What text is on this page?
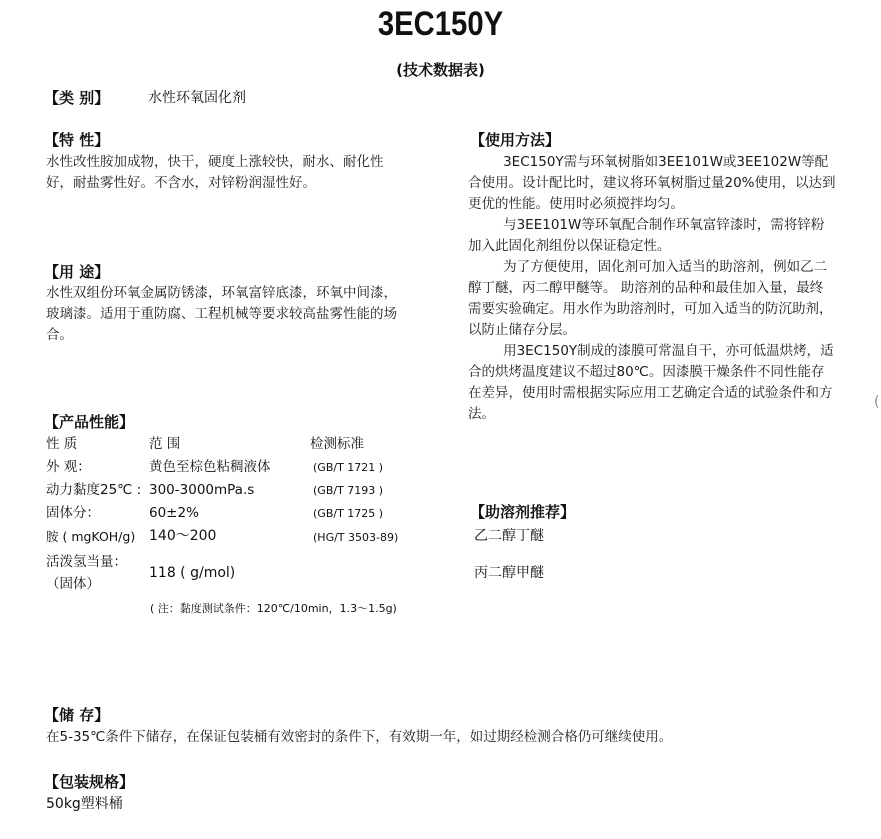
3EC150Y
(技术数据表)
【类 别】	水性环氧固化剂
【特 性】
水性改性胺加成物，快干，硬度上涨较快，耐水、耐化性好，耐盐雾性好。不含水，对锌粉润湿性好。
【用 途】
水性双组份环氧金属防锈漆，环氧富锌底漆，环氧中间漆，玻璃漆。适用于重防腐、工程机械等要求较高盐雾性能的场合。
【产品性能】
性 质	范 围	检测标准
外 观：	黄色至棕色粘稠液体	(GB/T 1721 )
动力黏度25℃ : 300-3000mPa.s	(GB/T 7193 )
固体分：	60±2%	(GB/T 1725 )
胺 ( mgKOH/g) 140～200	(HG/T 3503-89)
活泼氢当量：
（固体）
118 ( g/mol)
( 注：黏度测试条件：120℃/10min，1.3～1.5g)
【使用方法】
3EC150Y需与环氧树脂如3EE101W或3EE102W等配合使用。设计配比时，建议将环氧树脂过量20%使用，以达到更优的性能。使用时必须搅拌均匀。
与3EE101W等环氧配合制作环氧富锌漆时，需将锌粉加入此固化剂组份以保证稳定性。
为了方便使用，固化剂可加入适当的助溶剂，例如乙二醇丁醚，丙二醇甲醚等。 助溶剂的品种和最佳加入量，最终需要实验确定。用水作为助溶剂时，可加入适当的防沉助剂，以防止储存分层。
用3EC150Y制成的漆膜可常温自干，亦可低温烘烤，适合的烘烤温度建议不超过80℃。因漆膜干燥条件不同性能存在差异，使用时需根据实际应用工艺确定合适的试验条件和方法。
(
【助溶剂推荐】
乙二醇丁醚
丙二醇甲醚
【储 存】
在5-35℃条件下储存，在保证包装桶有效密封的条件下，有效期一年，如过期经检测合格仍可继续使用。
【包装规格】
50kg塑料桶
